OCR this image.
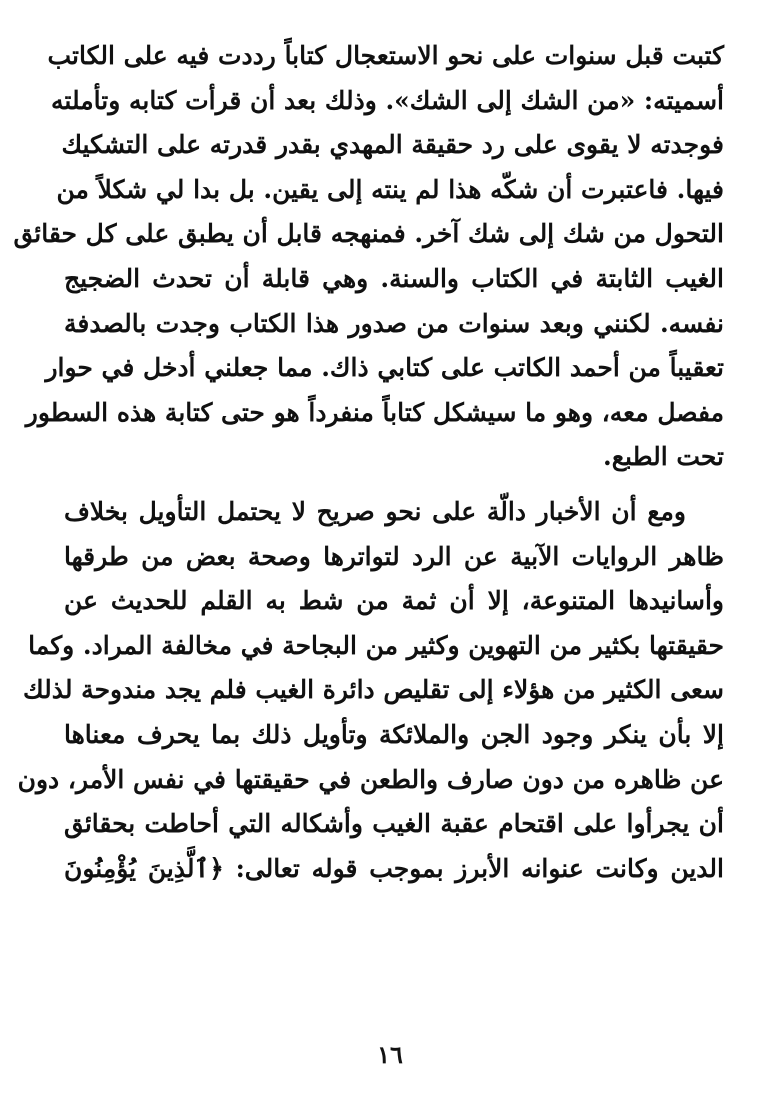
كتبت قبل سنوات على نحو الاستعجال كتاباً رددت فيه على الكاتب
أسميته: «من الشك إلى الشك». وذلك بعد أن قرأت كتابه وتأملته
فوجدته لا يقوى على رد حقيقة المهدي بقدر قدرته على التشكيك
فيها. فاعتبرت أن شكّه هذا لم ينته إلى يقين. بل بدا لي شكلاً من
التحول من شك إلى شك آخر. فمنهجه قابل أن يطبق على كل حقائق
الغيب الثابتة في الكتاب والسنة. وهي قابلة أن تحدث الضجيج
نفسه. لكنني وبعد سنوات من صدور هذا الكتاب وجدت بالصدفة
تعقيباً من أحمد الكاتب على كتابي ذاك. مما جعلني أدخل في حوار
مفصل معه، وهو ما سيشكل كتاباً منفرداً هو حتى كتابة هذه السطور
تحت الطبع.
ومع أن الأخبار دالّة على نحو صريح لا يحتمل التأويل بخلاف
ظاهر الروايات الآبية عن الرد لتواترها وصحة بعض من طرقها
وأسانيدها المتنوعة، إلا أن ثمة من شط به القلم للحديث عن
حقيقتها بكثير من التهوين وكثير من البجاحة في مخالفة المراد. وكما
سعى الكثير من هؤلاء إلى تقليص دائرة الغيب فلم يجد مندوحة لذلك
إلا بأن ينكر وجود الجن والملائكة وتأويل ذلك بما يحرف معناها
عن ظاهره من دون صارف والطعن في حقيقتها في نفس الأمر، دون
أن يجرأوا على اقتحام عقبة الغيب وأشكاله التي أحاطت بحقائق
الدين وكانت عنوانه الأبرز بموجب قوله تعالى: ﴿ٱلَّذِينَ يُؤْمِنُونَ
١٦
